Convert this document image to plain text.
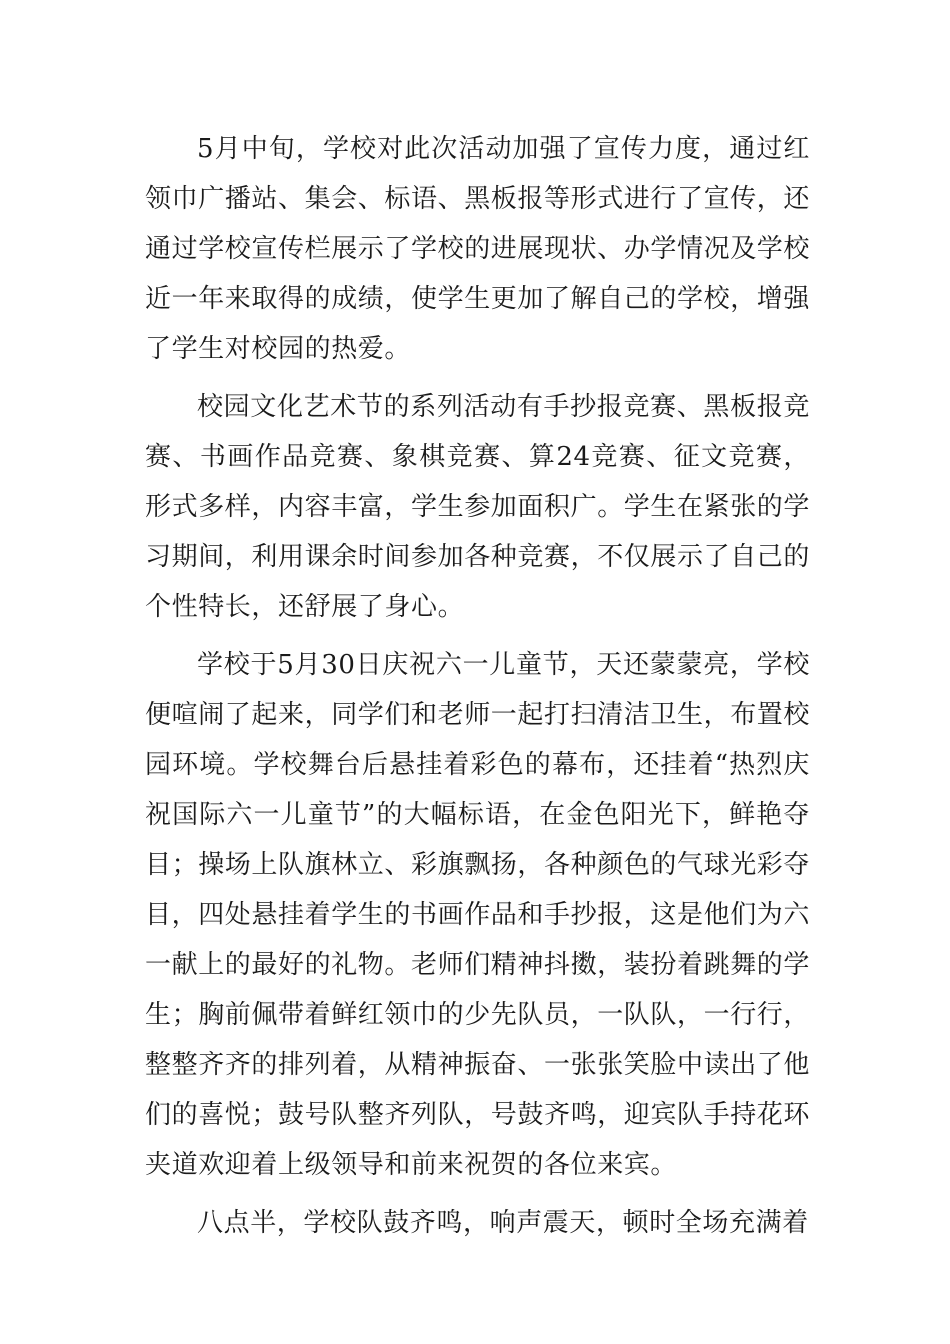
5月中旬，学校对此次活动加强了宣传力度，通过红领巾广播站、集会、标语、黑板报等形式进行了宣传，还通过学校宣传栏展示了学校的进展现状、办学情况及学校近一年来取得的成绩，使学生更加了解自己的学校，增强了学生对校园的热爱。

校园文化艺术节的系列活动有手抄报竞赛、黑板报竞赛、书画作品竞赛、象棋竞赛、算24竞赛、征文竞赛，形式多样，内容丰富，学生参加面积广。学生在紧张的学习期间，利用课余时间参加各种竞赛，不仅展示了自己的个性特长，还舒展了身心。

学校于5月30日庆祝六一儿童节，天还蒙蒙亮，学校便喧闹了起来，同学们和老师一起打扫清洁卫生，布置校园环境。学校舞台后悬挂着彩色的幕布，还挂着“热烈庆祝国际六一儿童节”的大幅标语，在金色阳光下，鲜艳夺目；操场上队旗林立、彩旗飘扬，各种颜色的气球光彩夺目，四处悬挂着学生的书画作品和手抄报，这是他们为六一献上的最好的礼物。老师们精神抖擞，装扮着跳舞的学生；胸前佩带着鲜红领巾的少先队员，一队队，一行行，整整齐齐的排列着，从精神振奋、一张张笑脸中读出了他们的喜悦；鼓号队整齐列队，号鼓齐鸣，迎宾队手持花环夹道欢迎着上级领导和前来祝贺的各位来宾。

八点半，学校队鼓齐鸣，响声震天，顿时全场充满着
